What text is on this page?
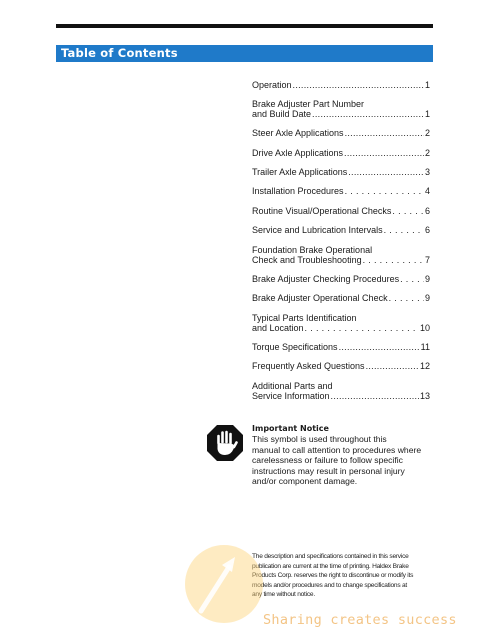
Table of Contents
Operation .....	1
Brake Adjuster Part Number
and Build Date .....	1
Steer Axle Applications .....	2
Drive Axle Applications .....	2
Trailer Axle Applications .....	3
Installation Procedures .....	4
Routine Visual/Operational Checks .....	6
Service and Lubrication Intervals .....	6
Foundation Brake Operational
Check and Troubleshooting .....	7
Brake Adjuster Checking Procedures .....	9
Brake Adjuster Operational Check .....	9
Typical Parts Identification
and Location .....	10
Torque Specifications .....	11
Frequently Asked Questions .....	12
Additional Parts and
Service Information .....	13
Important Notice
This symbol is used throughout this
manual to call attention to procedures where
carelessness or failure to follow specific
instructions may result in personal injury
and/or component damage.
The description and specifications contained in this service
publication are current at the time of printing. Haldex Brake
Products Corp. reserves the right to discontinue or modify its
models and/or procedures and to change specifications at
any time without notice.
Sharing creates success
